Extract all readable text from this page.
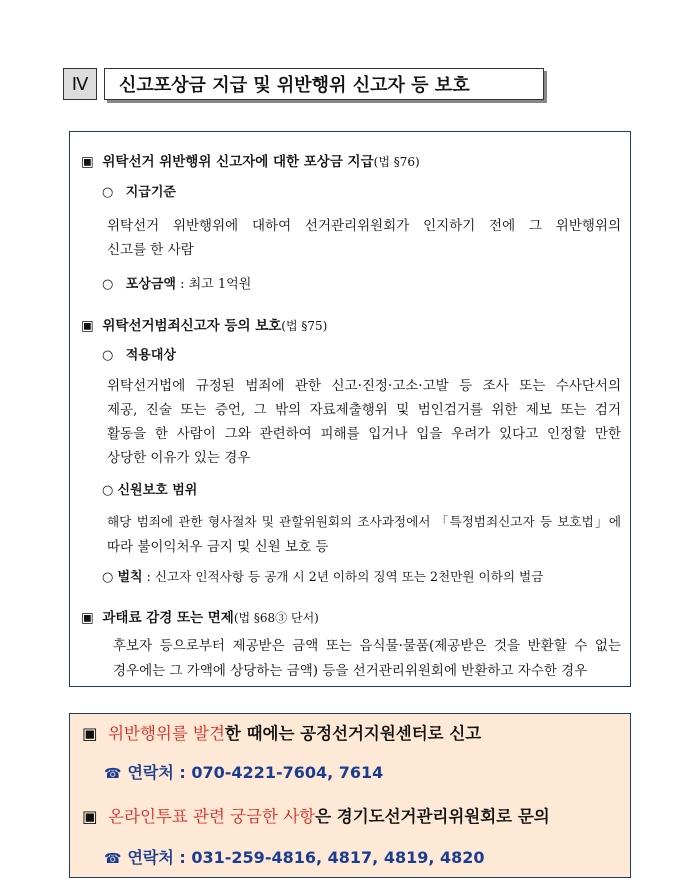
Ⅳ	신고포상금 지급 및 위반행위 신고자 등 보호
▣ 위탁선거 위반행위 신고자에 대한 포상금 지급(법 §76)
○ 지급기준
위탁선거 위반행위에 대하여 선거관리위원회가 인지하기 전에 그 위반행위의
신고를 한 사람
○ 포상금액 : 최고 1억원
▣ 위탁선거범죄신고자 등의 보호(법 §75)
○ 적용대상
위탁선거법에 규정된 범죄에 관한 신고·진정·고소·고발 등 조사 또는 수사단서의
제공, 진술 또는 증언, 그 밖의 자료제출행위 및 범인검거를 위한 제보 또는 검거
활동을 한 사람이 그와 관련하여 피해를 입거나 입을 우려가 있다고 인정할 만한
상당한 이유가 있는 경우
○ 신원보호 범위
해당 범죄에 관한 형사절차 및 관할위원회의 조사과정에서 「특정범죄신고자 등 보호법」에
따라 불이익처우 금지 및 신원 보호 등
○ 벌칙 : 신고자 인적사항 등 공개 시 2년 이하의 징역 또는 2천만원 이하의 벌금
▣ 과태료 감경 또는 면제(법 §68③ 단서)
후보자 등으로부터 제공받은 금액 또는 음식물·물품(제공받은 것을 반환할 수 없는
경우에는 그 가액에 상당하는 금액) 등을 선거관리위원회에 반환하고 자수한 경우
▣ 위반행위를 발견한 때에는 공정선거지원센터로 신고
☎ 연락처 : 070-4221-7604, 7614
▣ 온라인투표 관련 궁금한 사항은 경기도선거관리위원회로 문의
☎ 연락처 : 031-259-4816, 4817, 4819, 4820
